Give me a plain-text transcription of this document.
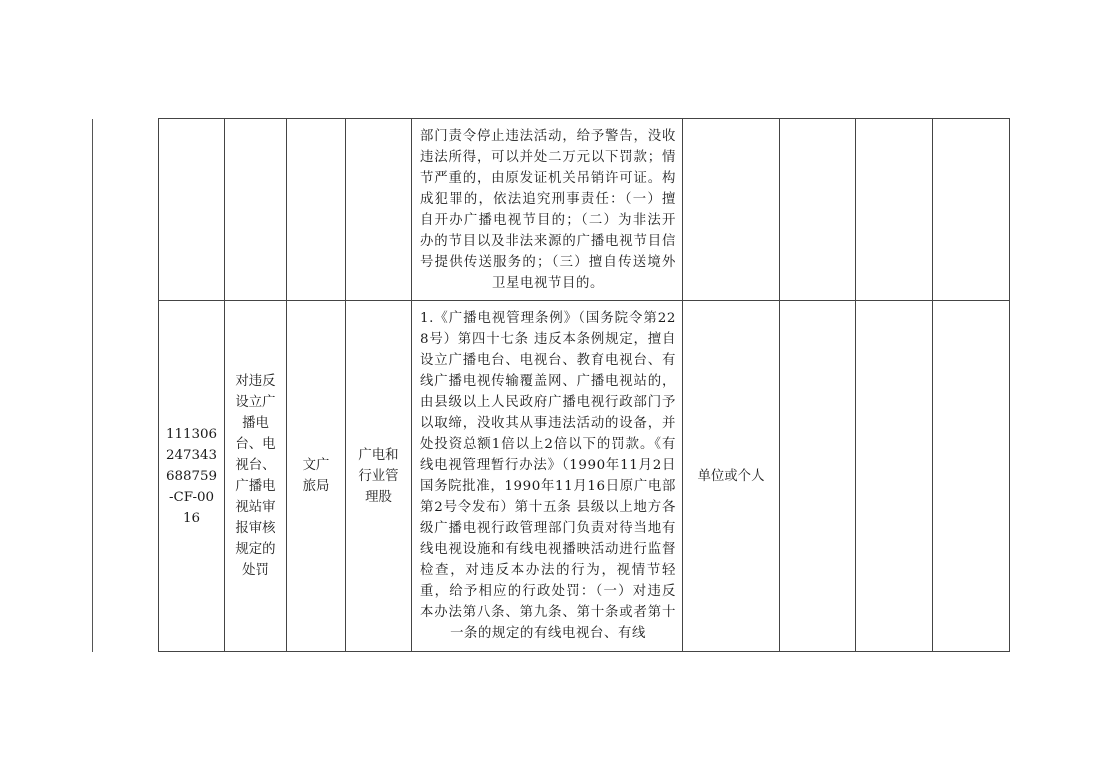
				部门责令停止违法活动，给予警告，没收违法所得，可以并处二万元以下罚款；情节严重的，由原发证机关吊销许可证。构成犯罪的，依法追究刑事责任：（一）擅自开办广播电视节目的；（二）为非法开办的节目以及非法来源的广播电视节目信号提供传送服务的；（三）擅自传送境外卫星电视节目的。				
111306247343688759-CF-0016	对违反设立广播电台、电视台、广播电视站审报审核规定的处罚	文广旅局	广电和行业管理股	1.《广播电视管理条例》（国务院令第228号）第四十七条 违反本条例规定，擅自设立广播电台、电视台、教育电视台、有线广播电视传输覆盖网、广播电视站的，由县级以上人民政府广播电视行政部门予以取缔，没收其从事违法活动的设备，并处投资总额1倍以上2倍以下的罚款。《有线电视管理暂行办法》（1990年11月2日国务院批准，1990年11月16日原广电部第2号令发布）第十五条 县级以上地方各级广播电视行政管理部门负责对待当地有线电视设施和有线电视播映活动进行监督检查，对违反本办法的行为，视情节轻重，给予相应的行政处罚：（一）对违反本办法第八条、第九条、第十条或者第十一条的规定的有线电视台、有线	单位或个人			
